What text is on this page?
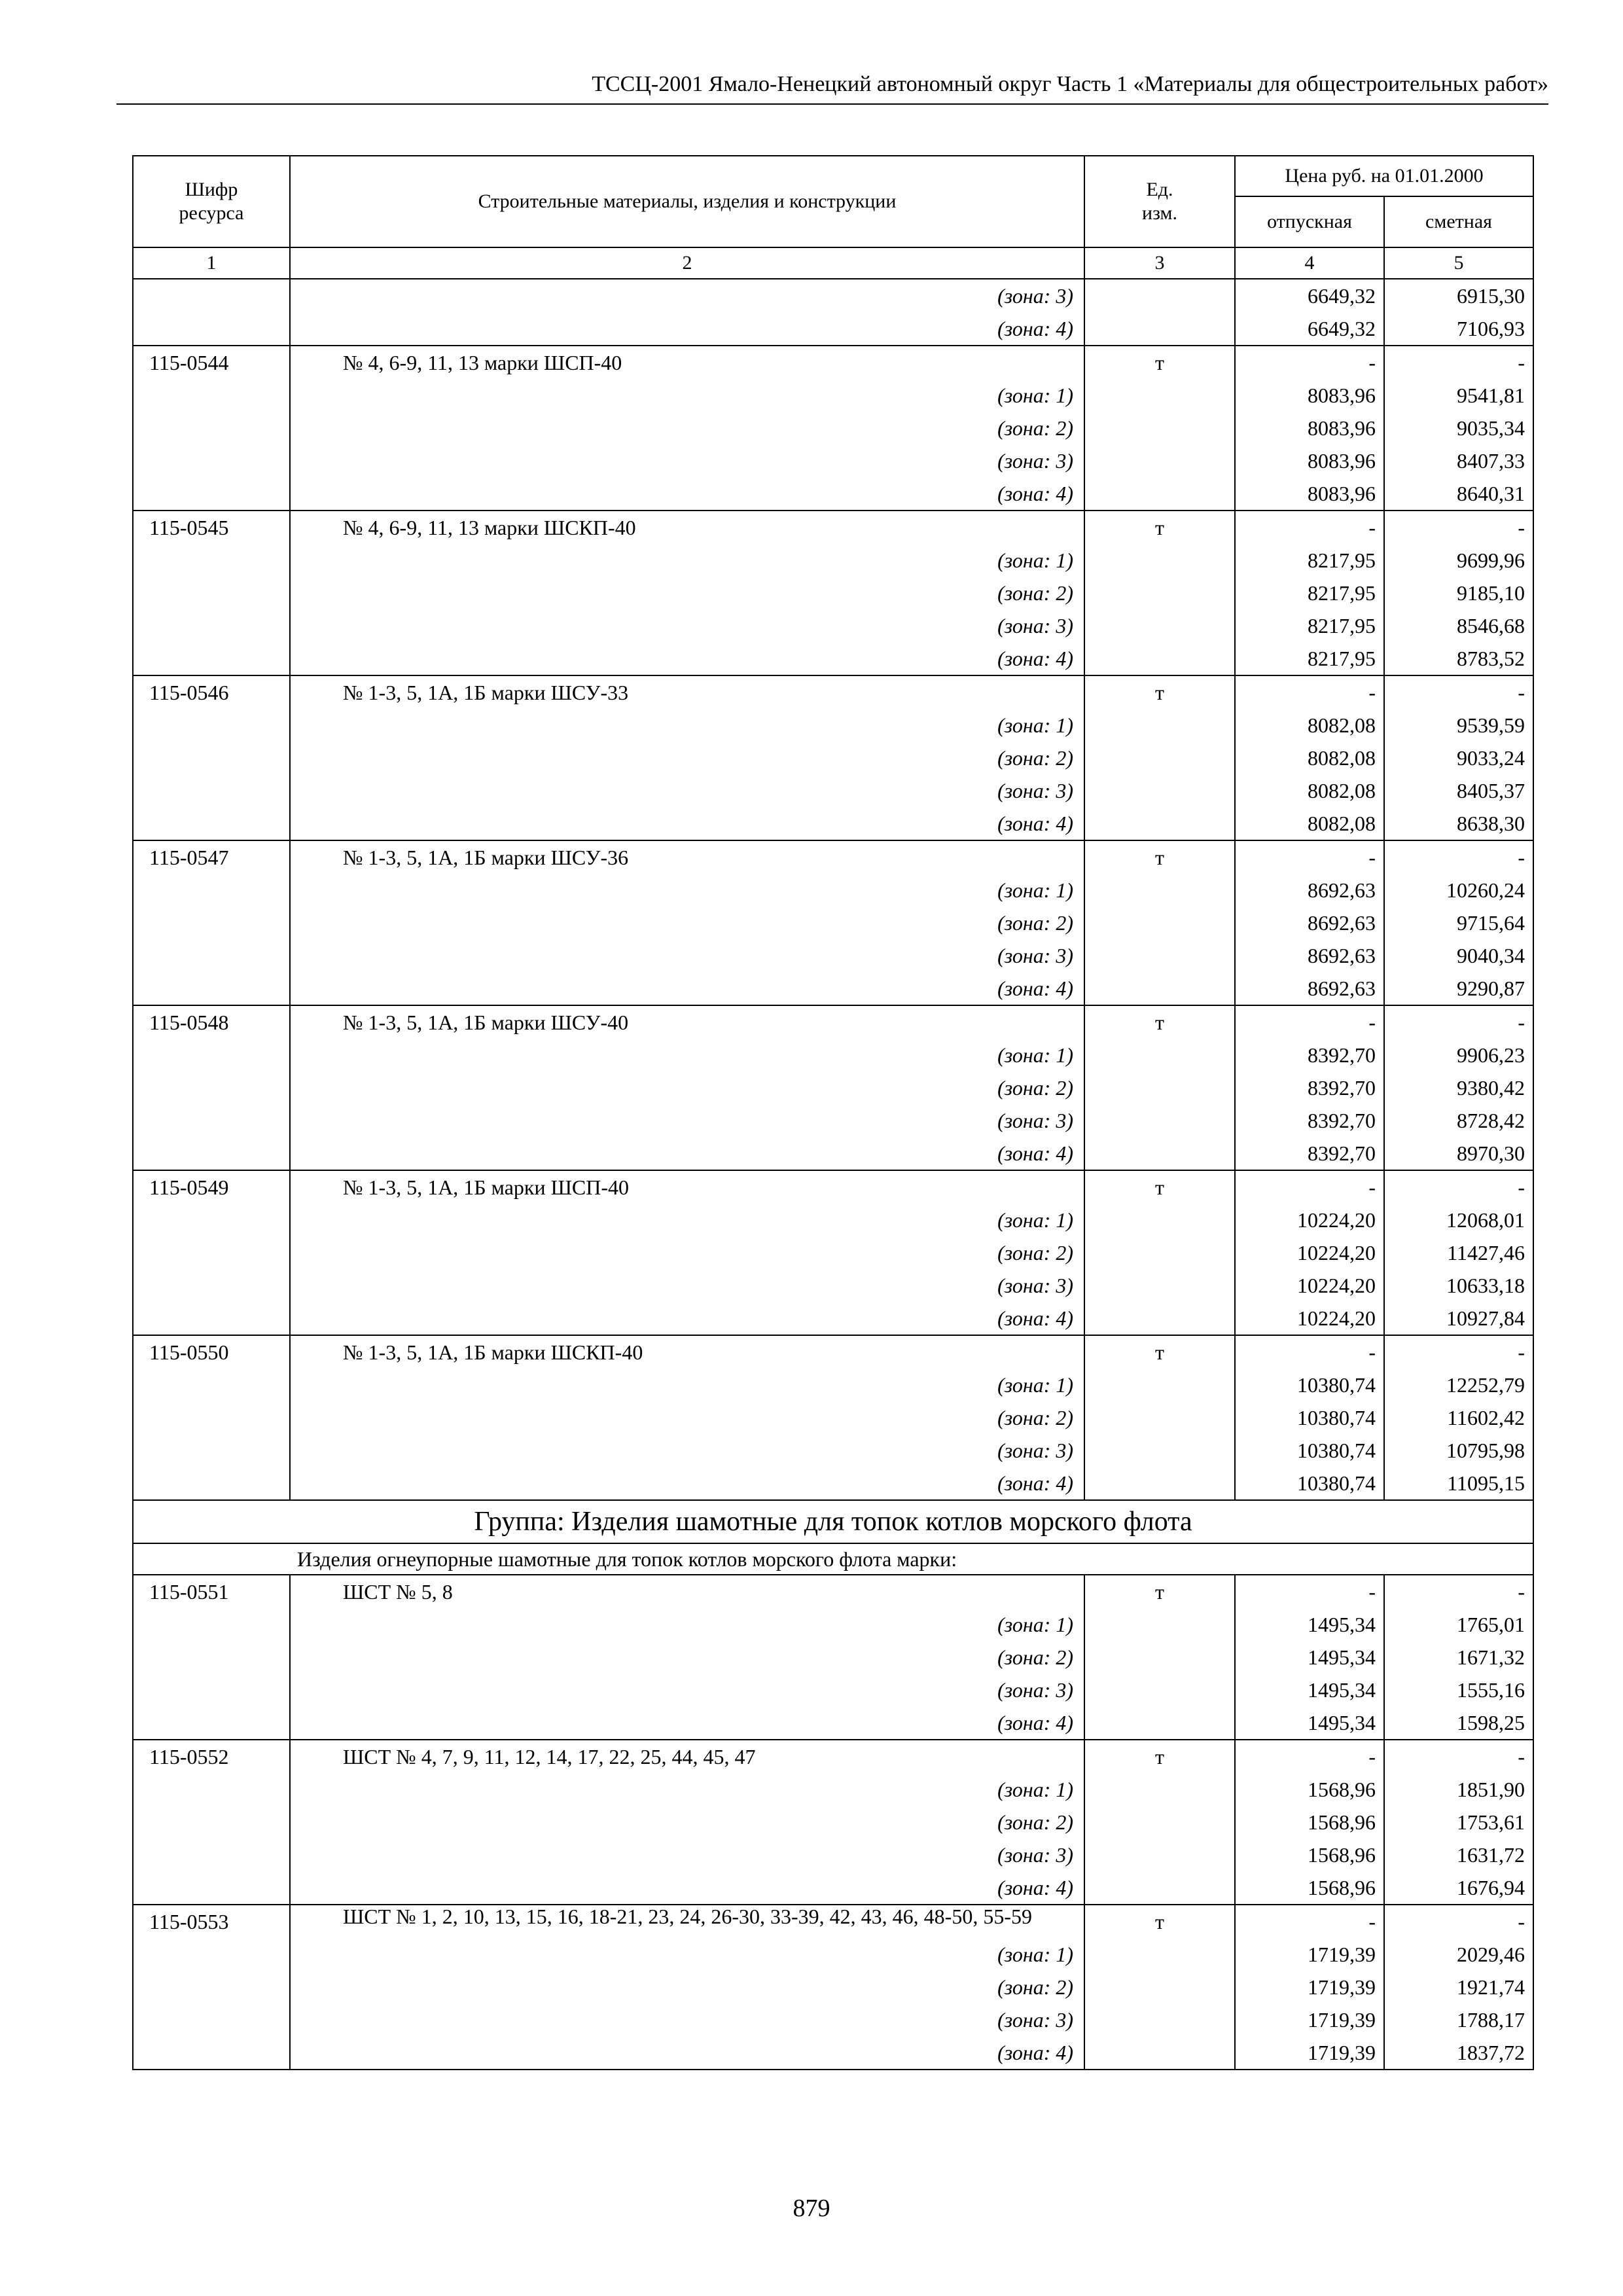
ТССЦ-2001 Ямало-Ненецкий автономный округ Часть 1 «Материалы для общестроительных работ»
Шифр ресурса	Строительные материалы, изделия и конструкции	Ед. изм.	Цена руб. на 01.01.2000	
			отпускная	сметная
1	2	3	4	5
	(зона: 3)		6649,32	6915,30
	(зона: 4)		6649,32	7106,93
115-0544	№ 4, 6-9, 11, 13 марки ШСП-40	т	-	-
	(зона: 1)		8083,96	9541,81
	(зона: 2)		8083,96	9035,34
	(зона: 3)		8083,96	8407,33
	(зона: 4)		8083,96	8640,31
115-0545	№ 4, 6-9, 11, 13 марки ШСКП-40	т	-	-
	(зона: 1)		8217,95	9699,96
	(зона: 2)		8217,95	9185,10
	(зона: 3)		8217,95	8546,68
	(зона: 4)		8217,95	8783,52
115-0546	№ 1-3, 5, 1А, 1Б марки ШСУ-33	т	-	-
	(зона: 1)		8082,08	9539,59
	(зона: 2)		8082,08	9033,24
	(зона: 3)		8082,08	8405,37
	(зона: 4)		8082,08	8638,30
115-0547	№ 1-3, 5, 1А, 1Б марки ШСУ-36	т	-	-
	(зона: 1)		8692,63	10260,24
	(зона: 2)		8692,63	9715,64
	(зона: 3)		8692,63	9040,34
	(зона: 4)		8692,63	9290,87
115-0548	№ 1-3, 5, 1А, 1Б марки ШСУ-40	т	-	-
	(зона: 1)		8392,70	9906,23
	(зона: 2)		8392,70	9380,42
	(зона: 3)		8392,70	8728,42
	(зона: 4)		8392,70	8970,30
115-0549	№ 1-3, 5, 1А, 1Б марки ШСП-40	т	-	-
	(зона: 1)		10224,20	12068,01
	(зона: 2)		10224,20	11427,46
	(зона: 3)		10224,20	10633,18
	(зона: 4)		10224,20	10927,84
115-0550	№ 1-3, 5, 1А, 1Б марки ШСКП-40	т	-	-
	(зона: 1)		10380,74	12252,79
	(зона: 2)		10380,74	11602,42
	(зона: 3)		10380,74	10795,98
	(зона: 4)		10380,74	11095,15
Группа: Изделия шамотные для топок котлов морского флота				
Изделия огнеупорные шамотные для топок котлов морского флота марки:				
115-0551	ШСТ № 5, 8	т	-	-
	(зона: 1)		1495,34	1765,01
	(зона: 2)		1495,34	1671,32
	(зона: 3)		1495,34	1555,16
	(зона: 4)		1495,34	1598,25
115-0552	ШСТ № 4, 7, 9, 11, 12, 14, 17, 22, 25, 44, 45, 47	т	-	-
	(зона: 1)		1568,96	1851,90
	(зона: 2)		1568,96	1753,61
	(зона: 3)		1568,96	1631,72
	(зона: 4)		1568,96	1676,94
115-0553	ШСТ № 1, 2, 10, 13, 15, 16, 18-21, 23, 24, 26-30, 33-39, 42, 43, 46, 48-50, 55-59	т	-	-
	(зона: 1)		1719,39	2029,46
	(зона: 2)		1719,39	1921,74
	(зона: 3)		1719,39	1788,17
	(зона: 4)		1719,39	1837,72
879
